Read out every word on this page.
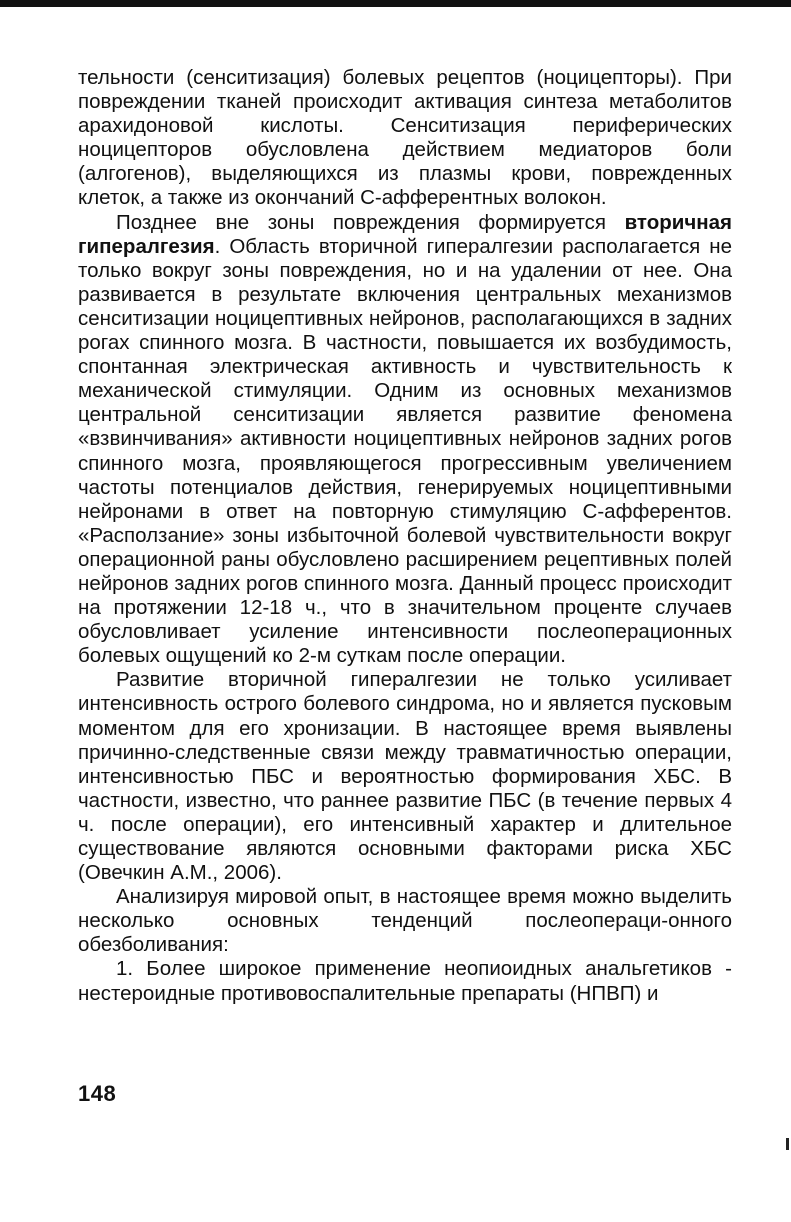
тельности (сенситизация) болевых рецептов (ноцицепторы). При повреждении тканей происходит активация синтеза метаболитов арахидоновой кислоты. Сенситизация периферических ноцицепторов обусловлена действием медиаторов боли (алгогенов), выделяющихся из плазмы крови, поврежденных клеток, а также из окончаний С-афферентных волокон.

Позднее вне зоны повреждения формируется вторичная гипералгезия. Область вторичной гипералгезии располагается не только вокруг зоны повреждения, но и на удалении от нее. Она развивается в результате включения центральных механизмов сенситизации ноцицептивных нейронов, располагающихся в задних рогах спинного мозга. В частности, повышается их возбудимость, спонтанная электрическая активность и чувствительность к механической стимуляции. Одним из основных механизмов центральной сенситизации является развитие феномена «взвинчивания» активности ноцицептивных нейронов задних рогов спинного мозга, проявляющегося прогрессивным увеличением частоты потенциалов действия, генерируемых ноцицептивными нейронами в ответ на повторную стимуляцию С-афферентов. «Расползание» зоны избыточной болевой чувствительности вокруг операционной раны обусловлено расширением рецептивных полей нейронов задних рогов спинного мозга. Данный процесс происходит на протяжении 12-18 ч., что в значительном проценте случаев обусловливает усиление интенсивности послеоперационных болевых ощущений ко 2-м суткам после операции.

Развитие вторичной гипералгезии не только усиливает интенсивность острого болевого синдрома, но и является пусковым моментом для его хронизации. В настоящее время выявлены причинно-следственные связи между травматичностью операции, интенсивностью ПБС и вероятностью формирования ХБС. В частности, известно, что раннее развитие ПБС (в течение первых 4 ч. после операции), его интенсивный характер и длительное существование являются основными факторами риска ХБС (Овечкин А.М., 2006).

Анализируя мировой опыт, в настоящее время можно выделить несколько основных тенденций послеопераци-онного обезболивания:

1. Более широкое применение неопиоидных анальгетиков - нестероидные противовоспалительные препараты (НПВП) и

148
